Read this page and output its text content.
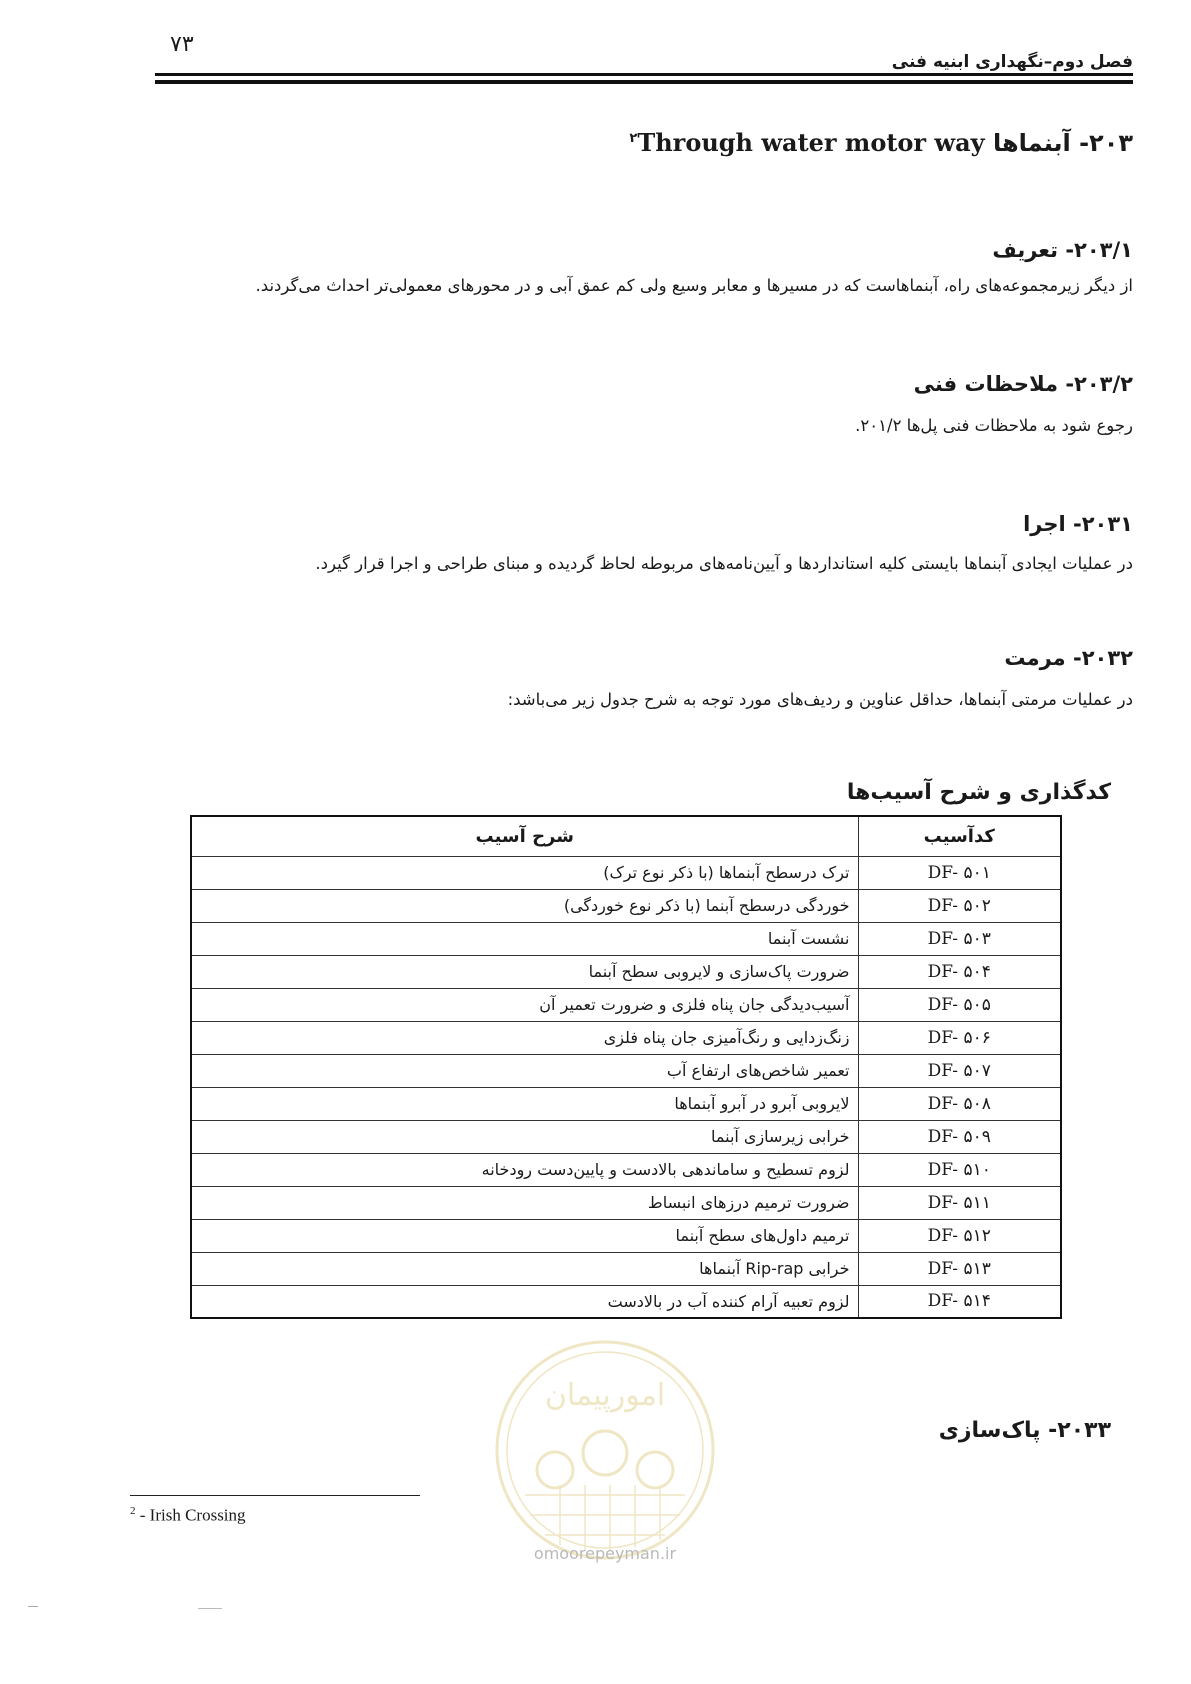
۷۳
فصل دوم–نگهداری ابنیه فنی
$^۲$Through water motor way ۲۰۳- آبنماها
۲۰۳/۱- تعریف
از دیگر زیرمجموعه‌های راه، آبنماهاست که در مسیرها و معابر وسیع ولی کم عمق آبی و در محورهای معمولی‌تر احداث می‌گردند.
۲۰۳/۲- ملاحظات فنی
رجوع شود به ملاحظات فنی پل‌ها ۲۰۱/۲.
۲۰۳۱- اجرا
در عملیات ایجادی آبنماها بایستی کلیه استانداردها و آیین‌نامه‌های مربوطه لحاظ گردیده و مبنای طراحی و اجرا قرار گیرد.
۲۰۳۲- مرمت
در عملیات مرمتی آبنماها، حداقل عناوین و ردیف‌های مورد توجه به شرح جدول زیر می‌باشد:
کدگذاری و شرح آسیب‌ها
شرح آسیب	کدآسیب
ترک درسطح آبنماها (با ذکر نوع ترک)	DF- ۵۰۱
خوردگی درسطح آبنما (با ذکر نوع خوردگی)	DF- ۵۰۲
نشست آبنما	DF- ۵۰۳
ضرورت پاک‌سازی و لایروبی سطح آبنما	DF- ۵۰۴
آسیب‌دیدگی جان پناه فلزی و ضرورت تعمیر آن	DF- ۵۰۵
زنگ‌زدایی و رنگ‌آمیزی جان پناه فلزی	DF- ۵۰۶
تعمیر شاخص‌های ارتفاع آب	DF- ۵۰۷
لایروبی آبرو در آبرو آبنماها	DF- ۵۰۸
خرابی زیرسازی آبنما	DF- ۵۰۹
لزوم تسطیح و ساماندهی بالادست و پایین‌دست رودخانه	DF- ۵۱۰
ضرورت ترمیم درزهای انبساط	DF- ۵۱۱
ترمیم داول‌های سطح آبنما	DF- ۵۱۲
خرابی Rip-rap آبنماها	DF- ۵۱۳
لزوم تعبیه آرام کننده آب در بالادست	DF- ۵۱۴
۲۰۳۳- پاک‌سازی
امورپیمان
omoorepeyman.ir
$^2$ - Irish Crossing
